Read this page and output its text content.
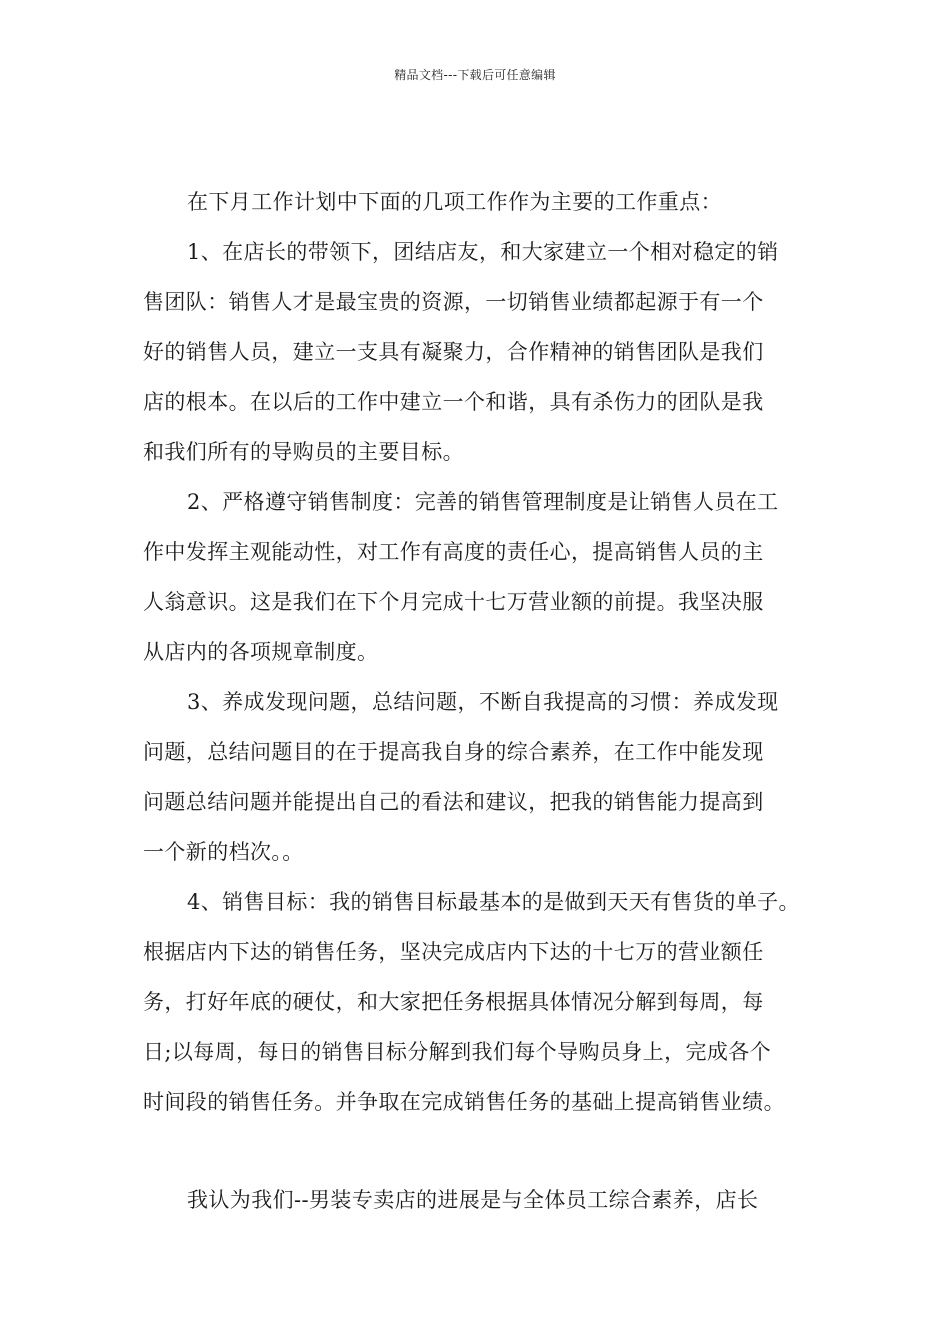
精品文档---下载后可任意编辑
在下月工作计划中下面的几项工作作为主要的工作重点：
1、在店长的带领下，团结店友，和大家建立一个相对稳定的销
售团队：销售人才是最宝贵的资源，一切销售业绩都起源于有一个
好的销售人员，建立一支具有凝聚力，合作精神的销售团队是我们
店的根本。在以后的工作中建立一个和谐，具有杀伤力的团队是我
和我们所有的导购员的主要目标。
2、严格遵守销售制度：完善的销售管理制度是让销售人员在工
作中发挥主观能动性，对工作有高度的责任心，提高销售人员的主
人翁意识。这是我们在下个月完成十七万营业额的前提。我坚决服
从店内的各项规章制度。
3、养成发现问题，总结问题，不断自我提高的习惯：养成发现
问题，总结问题目的在于提高我自身的综合素养，在工作中能发现
问题总结问题并能提出自己的看法和建议，把我的销售能力提高到
一个新的档次。。
4、销售目标：我的销售目标最基本的是做到天天有售货的单子。
根据店内下达的销售任务，坚决完成店内下达的十七万的营业额任
务，打好年底的硬仗，和大家把任务根据具体情况分解到每周，每
日;以每周，每日的销售目标分解到我们每个导购员身上，完成各个
时间段的销售任务。并争取在完成销售任务的基础上提高销售业绩。
我认为我们--男装专卖店的进展是与全体员工综合素养，店长
